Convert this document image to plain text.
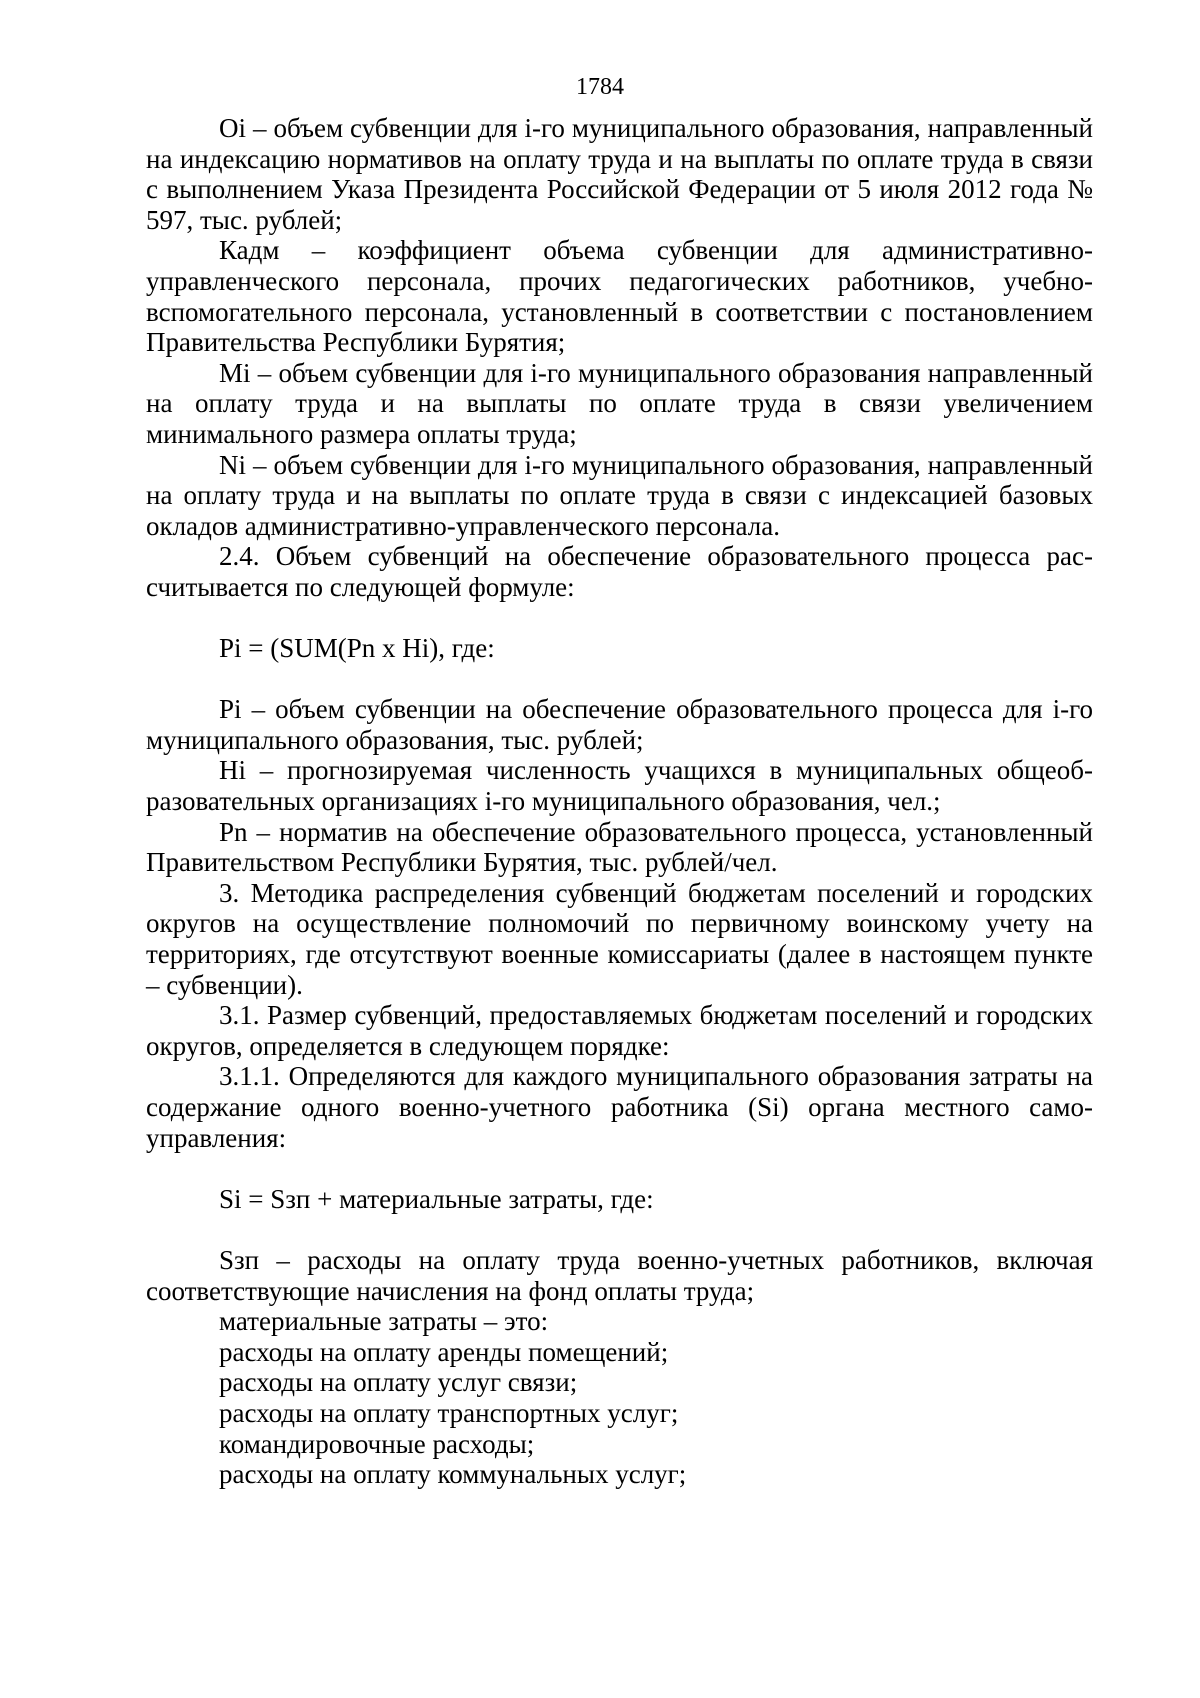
1784

Oi – объем субвенции для i-го муниципального образования, направленный на индексацию нормативов на оплату труда и на выплаты по оплате труда в связи с выполнением Указа Президента Российской Федерации от 5 июля 2012 года № 597, тыс. рублей;

Кадм – коэффициент объема субвенции для административно-управленческого персонала, прочих педагогических работников, учебно-вспомогательного персонала, установленный в соответствии с постановлением Правительства Республики Бурятия;

Mi – объем субвенции для i-го муниципального образования направленный на оплату труда и на выплаты по оплате труда в связи увеличением минимального размера оплаты труда;

Ni – объем субвенции для i-го муниципального образования, направленный на оплату труда и на выплаты по оплате труда в связи с индексацией базовых окладов административно-управленческого персонала.

2.4. Объем субвенций на обеспечение образовательного процесса рассчитывается по следующей формуле:

Pi = (SUM(Pn x Hi), где:

Pi – объем субвенции на обеспечение образовательного процесса для i-го муниципального образования, тыс. рублей;

Hi – прогнозируемая численность учащихся в муниципальных общеобразовательных организациях i-го муниципального образования, чел.;

Pn – норматив на обеспечение образовательного процесса, установленный Правительством Республики Бурятия, тыс. рублей/чел.

3. Методика распределения субвенций бюджетам поселений и городских округов на осуществление полномочий по первичному воинскому учету на территориях, где отсутствуют военные комиссариаты (далее в настоящем пункте – субвенции).

3.1. Размер субвенций, предоставляемых бюджетам поселений и городских округов, определяется в следующем порядке:

3.1.1. Определяются для каждого муниципального образования затраты на содержание одного военно-учетного работника (Si) органа местного самоуправления:

Si = Sзп + материальные затраты, где:

Sзп – расходы на оплату труда военно-учетных работников, включая соответствующие начисления на фонд оплаты труда;

материальные затраты – это:

расходы на оплату аренды помещений;

расходы на оплату услуг связи;

расходы на оплату транспортных услуг;

командировочные расходы;

расходы на оплату коммунальных услуг;
